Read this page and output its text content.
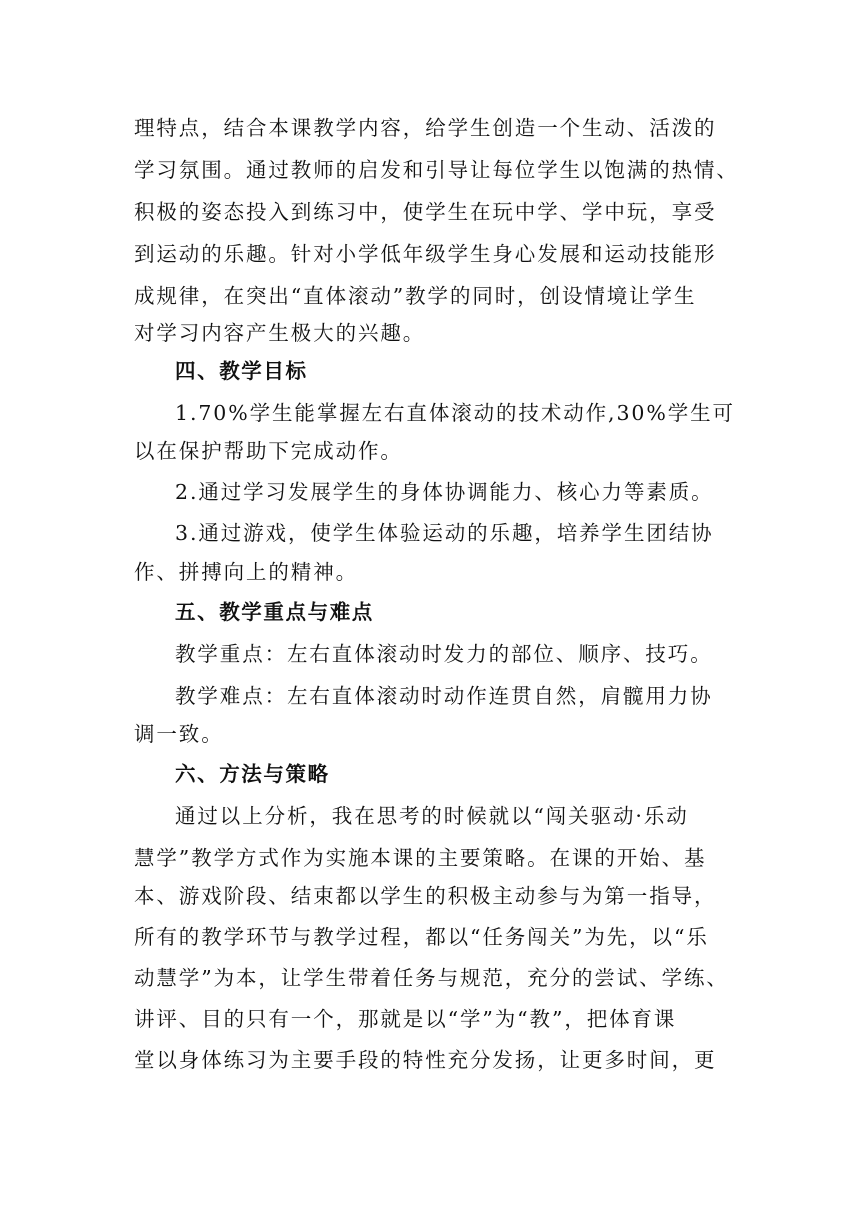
理特点，结合本课教学内容，给学生创造一个生动、活泼的
学习氛围。通过教师的启发和引导让每位学生以饱满的热情、
积极的姿态投入到练习中，使学生在玩中学、学中玩，享受
到运动的乐趣。针对小学低年级学生身心发展和运动技能形
成规律，在突出“直体滚动”教学的同时，创设情境让学生
对学习内容产生极大的兴趣。
四、教学目标
1.70%学生能掌握左右直体滚动的技术动作,30%学生可
以在保护帮助下完成动作。
2.通过学习发展学生的身体协调能力、核心力等素质。
3.通过游戏，使学生体验运动的乐趣，培养学生团结协
作、拼搏向上的精神。
五、教学重点与难点
教学重点：左右直体滚动时发力的部位、顺序、技巧。
教学难点：左右直体滚动时动作连贯自然，肩髋用力协
调一致。
六、方法与策略
通过以上分析，我在思考的时候就以“闯关驱动·乐动
慧学”教学方式作为实施本课的主要策略。在课的开始、基
本、游戏阶段、结束都以学生的积极主动参与为第一指导，
所有的教学环节与教学过程，都以“任务闯关”为先，以“乐
动慧学”为本，让学生带着任务与规范，充分的尝试、学练、
讲评、目的只有一个，那就是以“学”为“教”，把体育课
堂以身体练习为主要手段的特性充分发扬，让更多时间，更
